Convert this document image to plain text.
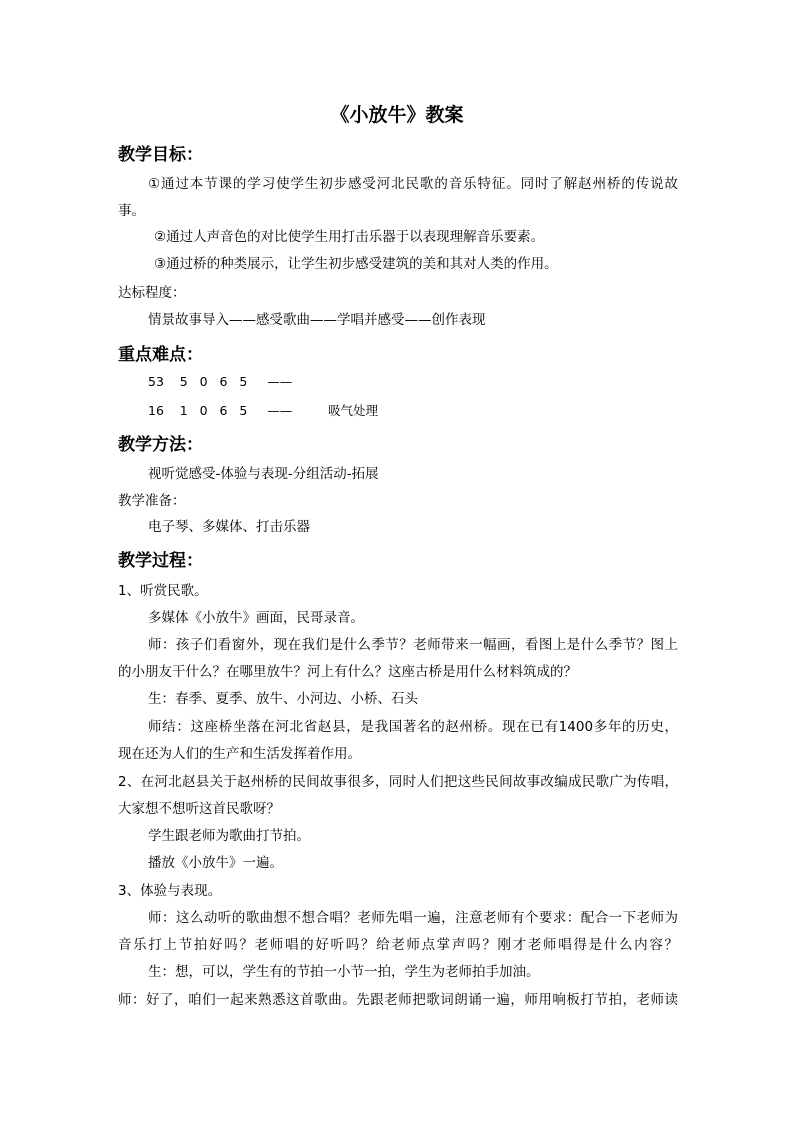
《小放牛》教案
教学目标：
①通过本节课的学习使学生初步感受河北民歌的音乐特征。同时了解赵州桥的传说故
事。
②通过人声音色的对比使学生用打击乐器于以表现理解音乐要素。
③通过桥的种类展示，让学生初步感受建筑的美和其对人类的作用。
达标程度：
情景故事导入——感受歌曲——学唱并感受——创作表现
重点难点：
53    5   0   6   5     ——
16    1   0   6   5     ——         吸气处理
教学方法：
视听觉感受-体验与表现-分组活动-拓展
教学准备：
电子琴、多媒体、打击乐器
教学过程：
1、听赏民歌。
多媒体《小放牛》画面，民哥录音。
师：孩子们看窗外，现在我们是什么季节？老师带来一幅画，看图上是什么季节？图上
的小朋友干什么？在哪里放牛？河上有什么？这座古桥是用什么材料筑成的？
生：春季、夏季、放牛、小河边、小桥、石头
师结：这座桥坐落在河北省赵县，是我国著名的赵州桥。现在已有1400多年的历史，
现在还为人们的生产和生活发挥着作用。
2、在河北赵县关于赵州桥的民间故事很多，同时人们把这些民间故事改编成民歌广为传唱，
大家想不想听这首民歌呀？
学生跟老师为歌曲打节拍。
播放《小放牛》一遍。
3、体验与表现。
师：这么动听的歌曲想不想合唱？老师先唱一遍，注意老师有个要求：配合一下老师为
音乐打上节拍好吗？老师唱的好听吗？给老师点掌声吗？刚才老师唱得是什么内容？
生：想，可以，学生有的节拍一小节一拍，学生为老师拍手加油。
师：好了，咱们一起来熟悉这首歌曲。先跟老师把歌词朗诵一遍，师用响板打节拍，老师读
